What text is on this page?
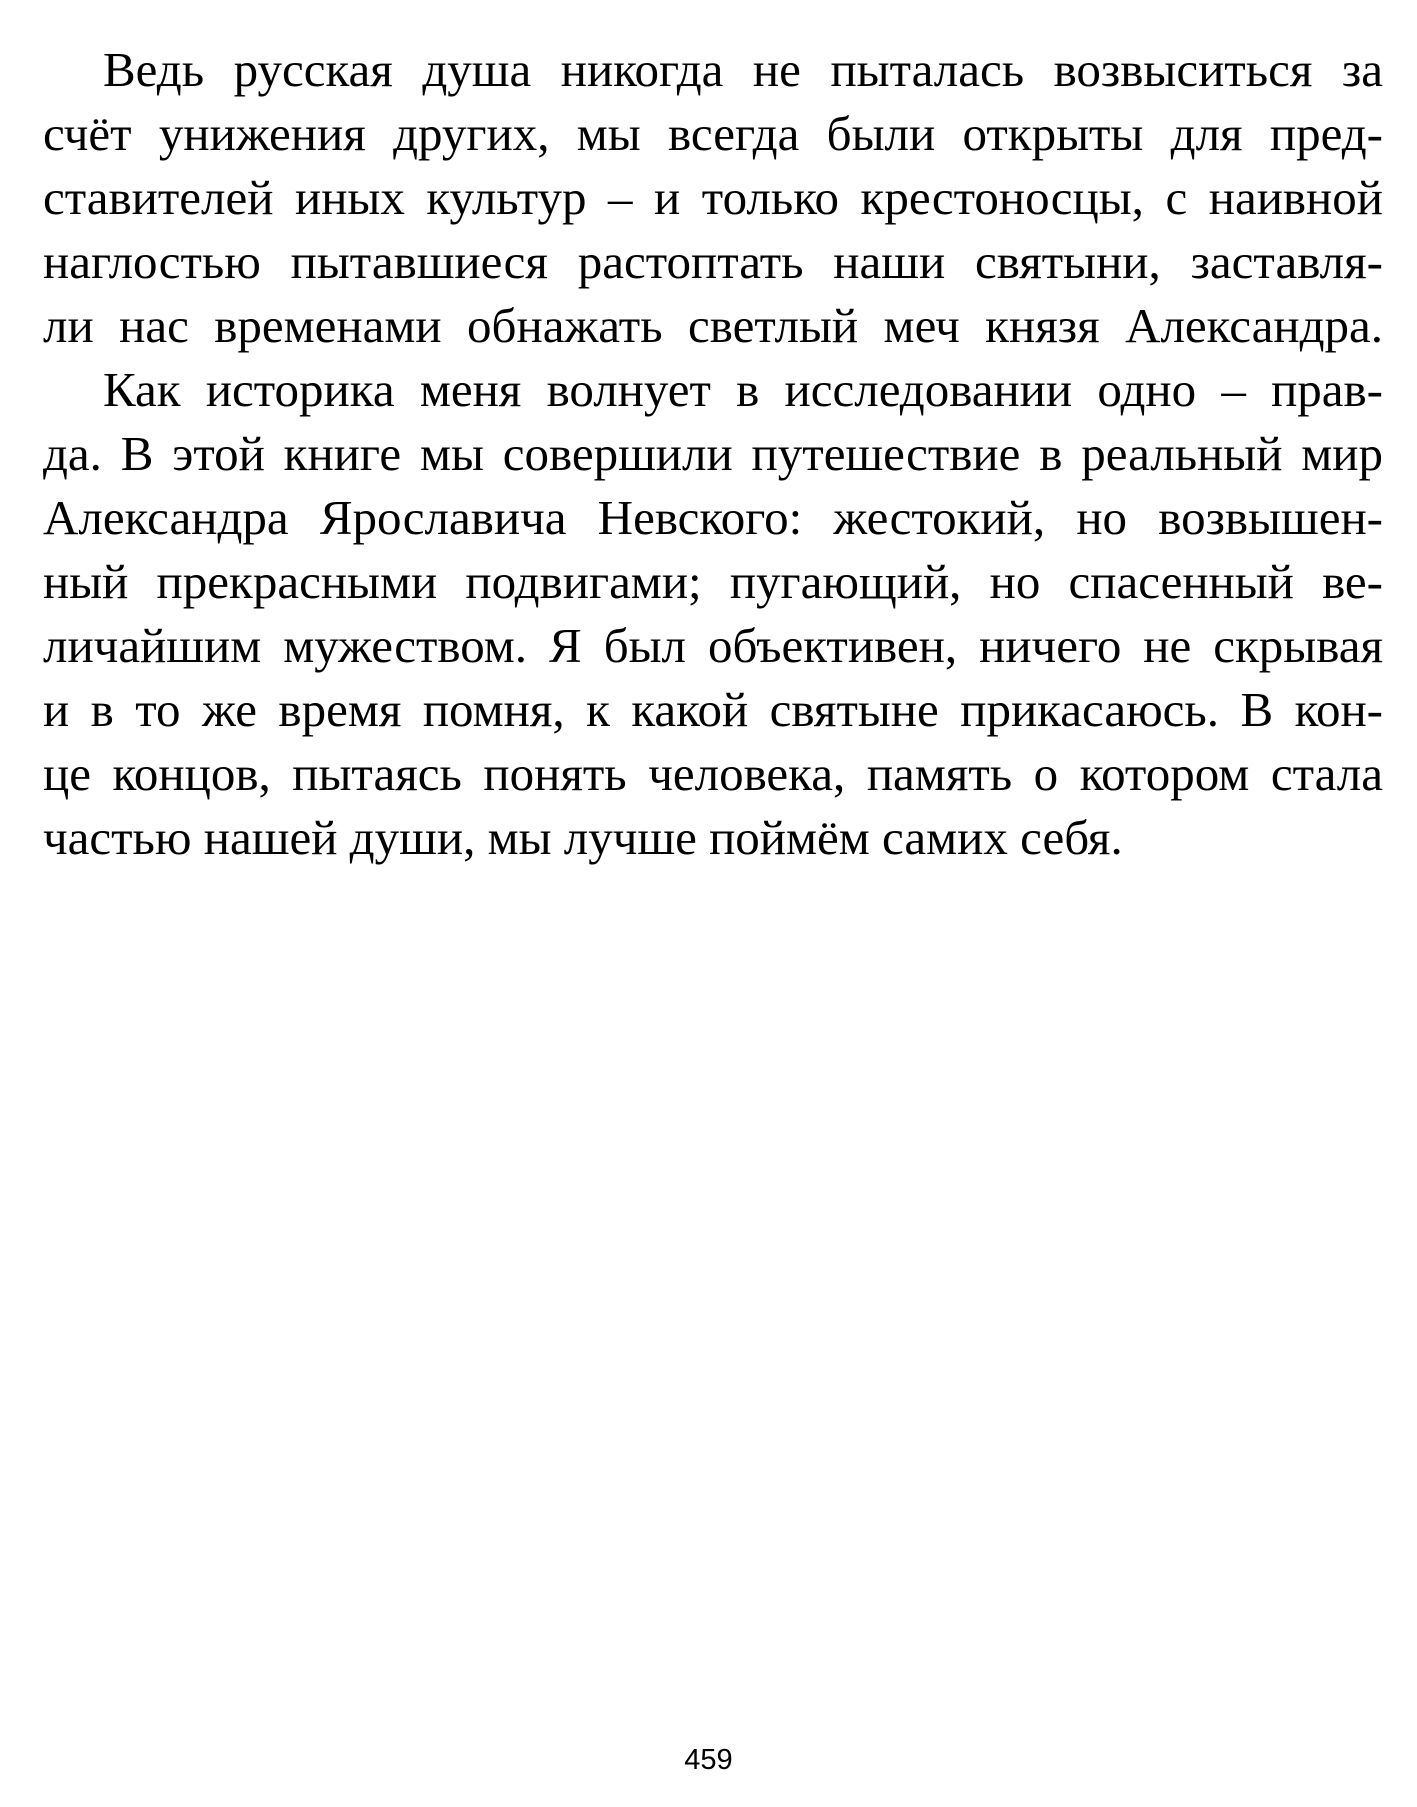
Ведь русская душа никогда не пыталась возвыситься за
счёт унижения других, мы всегда были открыты для пред-
ставителей иных культур – и только крестоносцы, с наивной
наглостью пытавшиеся растоптать наши святыни, заставля-
ли нас временами обнажать светлый меч князя Александра.
Как историка меня волнует в исследовании одно – прав-
да. В этой книге мы совершили путешествие в реальный мир
Александра Ярославича Невского: жестокий, но возвышен-
ный прекрасными подвигами; пугающий, но спасенный ве-
личайшим мужеством. Я был объективен, ничего не скрывая
и в то же время помня, к какой святыне прикасаюсь. В кон-
це концов, пытаясь понять человека, память о котором стала
частью нашей души, мы лучше поймём самих себя.
459
